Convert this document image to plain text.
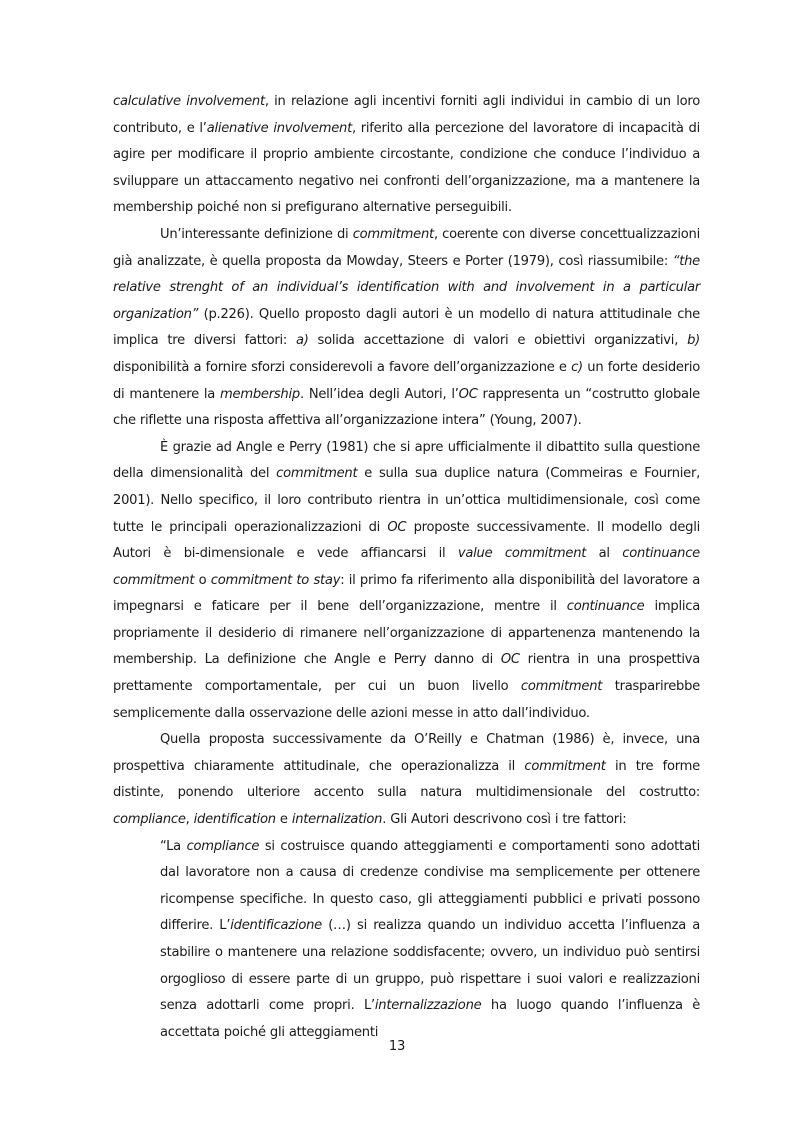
calculative involvement, in relazione agli incentivi forniti agli individui in cambio di un loro contributo, e l’alienative involvement, riferito alla percezione del lavoratore di incapacità di agire per modificare il proprio ambiente circostante, condizione che conduce l’individuo a sviluppare un attaccamento negativo nei confronti dell’organizzazione, ma a mantenere la membership poiché non si prefigurano alternative perseguibili.

Un’interessante definizione di commitment, coerente con diverse concettualizzazioni già analizzate, è quella proposta da Mowday, Steers e Porter (1979), così riassumibile: “the relative strenght of an individual’s identification with and involvement in a particular organization” (p.226). Quello proposto dagli autori è un modello di natura attitudinale che implica tre diversi fattori: a) solida accettazione di valori e obiettivi organizzativi, b) disponibilità a fornire sforzi considerevoli a favore dell’organizzazione e c) un forte desiderio di mantenere la membership. Nell’idea degli Autori, l’OC rappresenta un “costrutto globale che riflette una risposta affettiva all’organizzazione intera” (Young, 2007).

È grazie ad Angle e Perry (1981) che si apre ufficialmente il dibattito sulla questione della dimensionalità del commitment e sulla sua duplice natura (Commeiras e Fournier, 2001). Nello specifico, il loro contributo rientra in un’ottica multidimensionale, così come tutte le principali operazionalizzazioni di OC proposte successivamente. Il modello degli Autori è bi-dimensionale e vede affiancarsi il value commitment al continuance commitment o commitment to stay: il primo fa riferimento alla disponibilità del lavoratore a impegnarsi e faticare per il bene dell’organizzazione, mentre il continuance implica propriamente il desiderio di rimanere nell’organizzazione di appartenenza mantenendo la membership. La definizione che Angle e Perry danno di OC rientra in una prospettiva prettamente comportamentale, per cui un buon livello commitment trasparirebbe semplicemente dalla osservazione delle azioni messe in atto dall’individuo.

Quella proposta successivamente da O’Reilly e Chatman (1986) è, invece, una prospettiva chiaramente attitudinale, che operazionalizza il commitment in tre forme distinte, ponendo ulteriore accento sulla natura multidimensionale del costrutto: compliance, identification e internalization. Gli Autori descrivono così i tre fattori:

“La compliance si costruisce quando atteggiamenti e comportamenti sono adottati dal lavoratore non a causa di credenze condivise ma semplicemente per ottenere ricompense specifiche. In questo caso, gli atteggiamenti pubblici e privati possono differire. L’identificazione (…) si realizza quando un individuo accetta l’influenza a stabilire o mantenere una relazione soddisfacente; ovvero, un individuo può sentirsi orgoglioso di essere parte di un gruppo, può rispettare i suoi valori e realizzazioni senza adottarli come propri. L’internalizzazione ha luogo quando l’influenza è accettata poiché gli atteggiamenti
13
